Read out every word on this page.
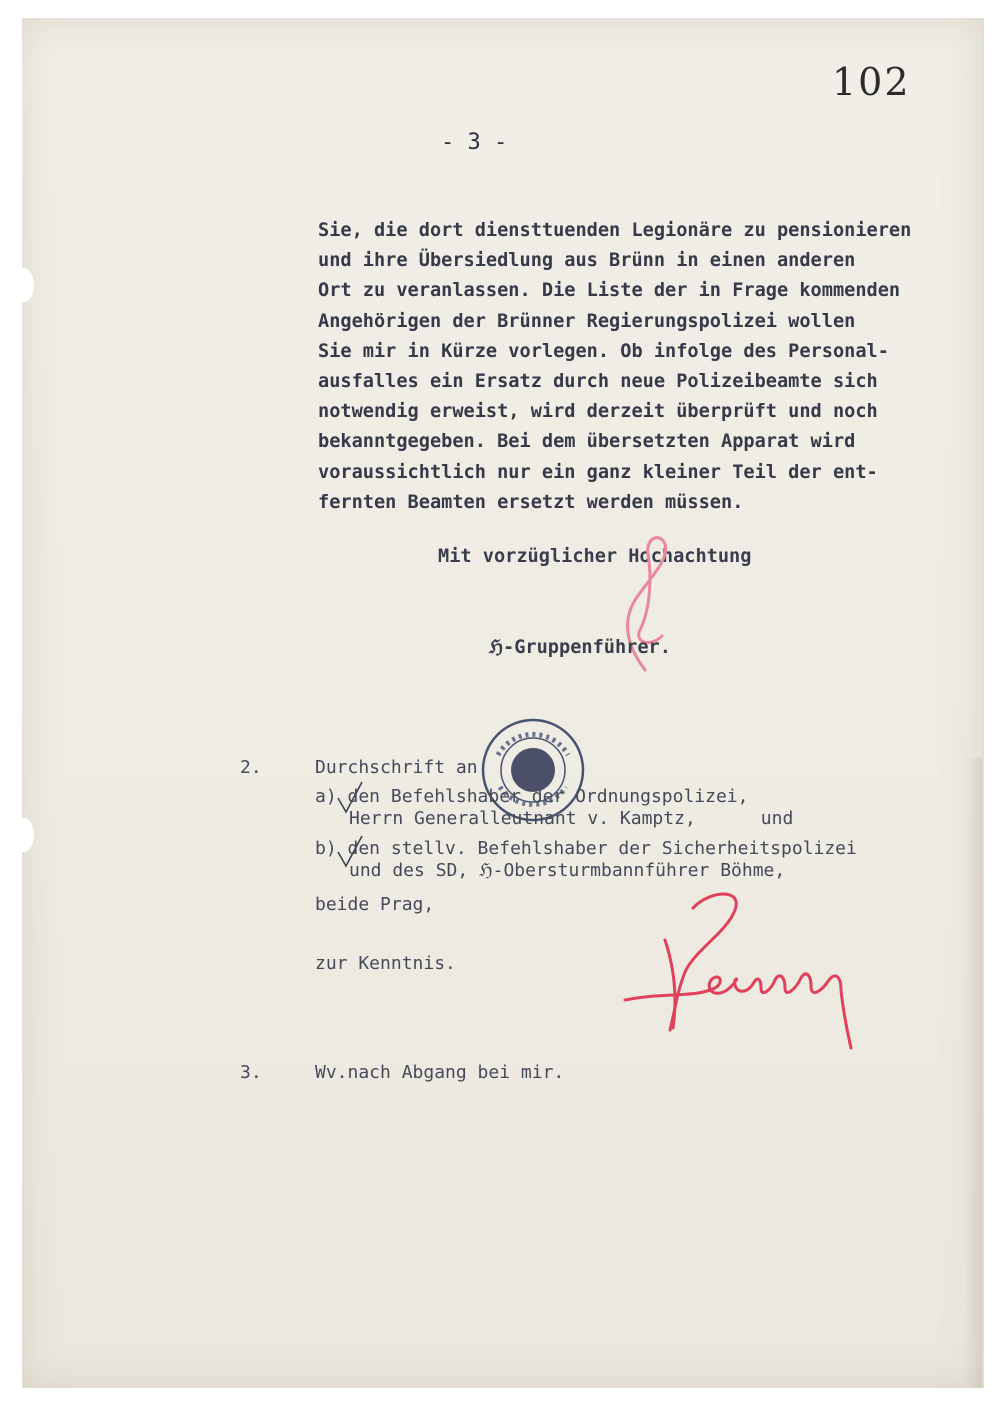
102
- 3 -
Sie, die dort diensttuenden Legionäre zu pensionieren
und ihre Übersiedlung aus Brünn in einen anderen
Ort zu veranlassen. Die Liste der in Frage kommenden
Angehörigen der Brünner Regierungspolizei wollen
Sie mir in Kürze vorlegen. Ob infolge des Personal-
ausfalles ein Ersatz durch neue Polizeibeamte sich
notwendig erweist, wird derzeit überprüft und noch
bekanntgegeben. Bei dem übersetzten Apparat wird
voraussichtlich nur ein ganz kleiner Teil der ent-
fernten Beamten ersetzt werden müssen.
Mit vorzüglicher Hochachtung
ℌ-Gruppenführer.
2.	Durchschrift an
a) den Befehlshaber der Ordnungspolizei,
Herrn Generalleutnant v. Kamptz,      und
b) den stellv. Befehlshaber der Sicherheitspolizei
und des SD, ℌ-Obersturmbannführer Böhme,
beide Prag,
zur Kenntnis.
3.	Wv.nach Abgang bei mir.
